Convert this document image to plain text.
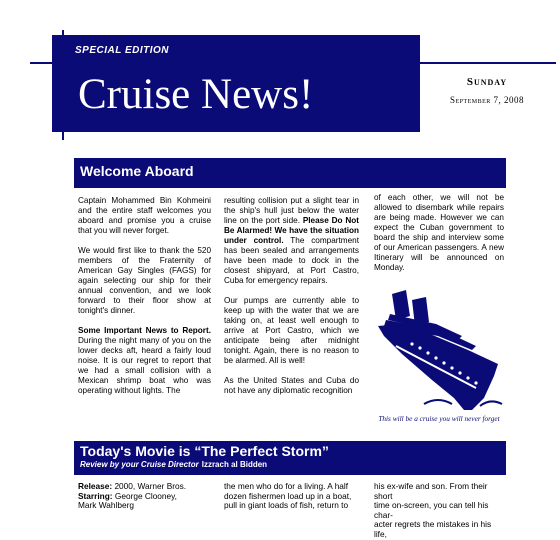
SPECIAL EDITION
Cruise News!	Sunday
September 7, 2008
Welcome Aboard

Captain Mohammed Bin Kohmeini and the entire staff welcomes you aboard and promise you a cruise that you will never forget.

We would first like to thank the 520 members of the Fraternity of American Gay Singles (FAGS) for again selecting our ship for their annual convention, and we look forward to their floor show at tonight's dinner.

Some Important News to Report. During the night many of you on the lower decks aft, heard a fairly loud noise. It is our regret to report that we had a small collision with a Mexican shrimp boat who was operating without lights. The

resulting collision put a slight tear in the ship's hull just below the water line on the port side. Please Do Not Be Alarmed! We have the situation under control. The compartment has been sealed and arrangements have been made to dock in the closest shipyard, at Port Castro, Cuba for emergency repairs.

Our pumps are currently able to keep up with the water that we are taking on, at least well enough to arrive at Port Castro, which we anticipate being after midnight tonight. Again, there is no reason to be alarmed. All is well!

As the United States and Cuba do not have any diplomatic recognition

of each other, we will not be allowed to disembark while repairs are being made. However we can expect the Cuban government to board the ship and interview some of our American passengers. A new Itinerary will be announced on Monday.

This will be a cruise you will never forget
Today's Movie is “The Perfect Storm”
Review by your Cruise Director Izzrach al Bidden
Release: 2000, Warner Bros.
Starring: George Clooney,
Mark Wahlberg
the men who do for a living. A half
dozen fishermen load up in a boat,
pull in giant loads of fish, return to
his ex-wife and son. From their short
time on-screen, you can tell his char-
acter regrets the mistakes in his life,
